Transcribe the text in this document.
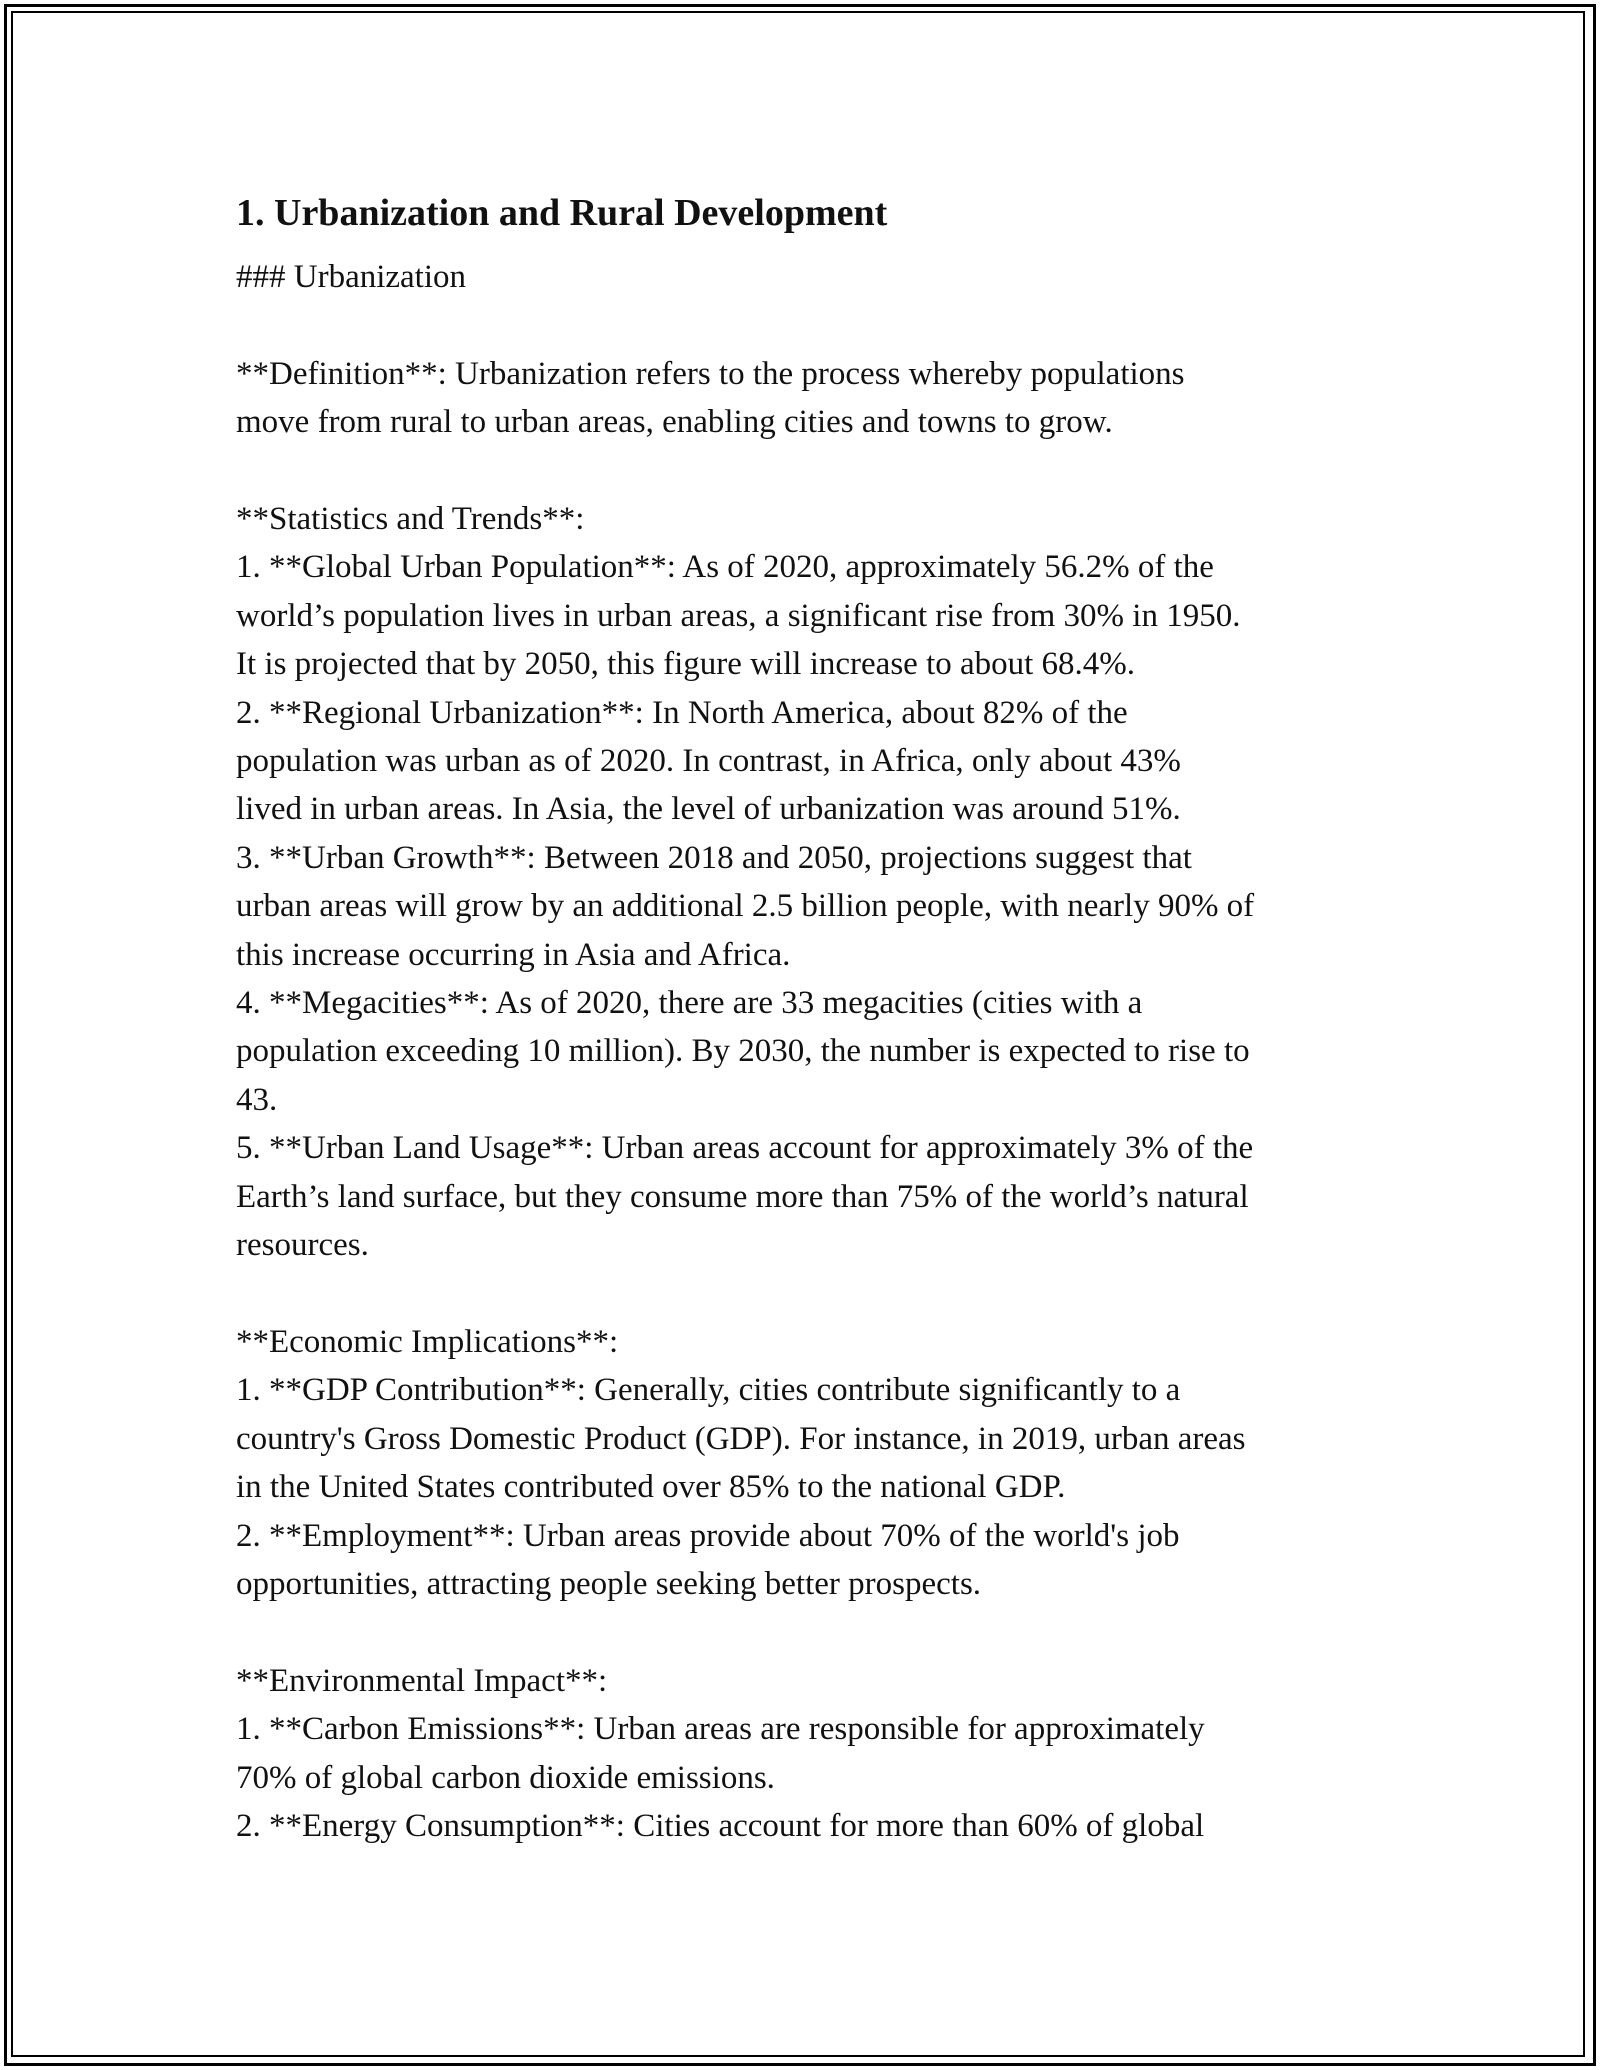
1. Urbanization and Rural Development
### Urbanization
**Definition**: Urbanization refers to the process whereby populations
move from rural to urban areas, enabling cities and towns to grow.
**Statistics and Trends**:
1. **Global Urban Population**: As of 2020, approximately 56.2% of the
world’s population lives in urban areas, a significant rise from 30% in 1950.
It is projected that by 2050, this figure will increase to about 68.4%.
2. **Regional Urbanization**: In North America, about 82% of the
population was urban as of 2020. In contrast, in Africa, only about 43%
lived in urban areas. In Asia, the level of urbanization was around 51%.
3. **Urban Growth**: Between 2018 and 2050, projections suggest that
urban areas will grow by an additional 2.5 billion people, with nearly 90% of
this increase occurring in Asia and Africa.
4. **Megacities**: As of 2020, there are 33 megacities (cities with a
population exceeding 10 million). By 2030, the number is expected to rise to
43.
5. **Urban Land Usage**: Urban areas account for approximately 3% of the
Earth’s land surface, but they consume more than 75% of the world’s natural
resources.
**Economic Implications**:
1. **GDP Contribution**: Generally, cities contribute significantly to a
country's Gross Domestic Product (GDP). For instance, in 2019, urban areas
in the United States contributed over 85% to the national GDP.
2. **Employment**: Urban areas provide about 70% of the world's job
opportunities, attracting people seeking better prospects.
**Environmental Impact**:
1. **Carbon Emissions**: Urban areas are responsible for approximately
70% of global carbon dioxide emissions.
2. **Energy Consumption**: Cities account for more than 60% of global
